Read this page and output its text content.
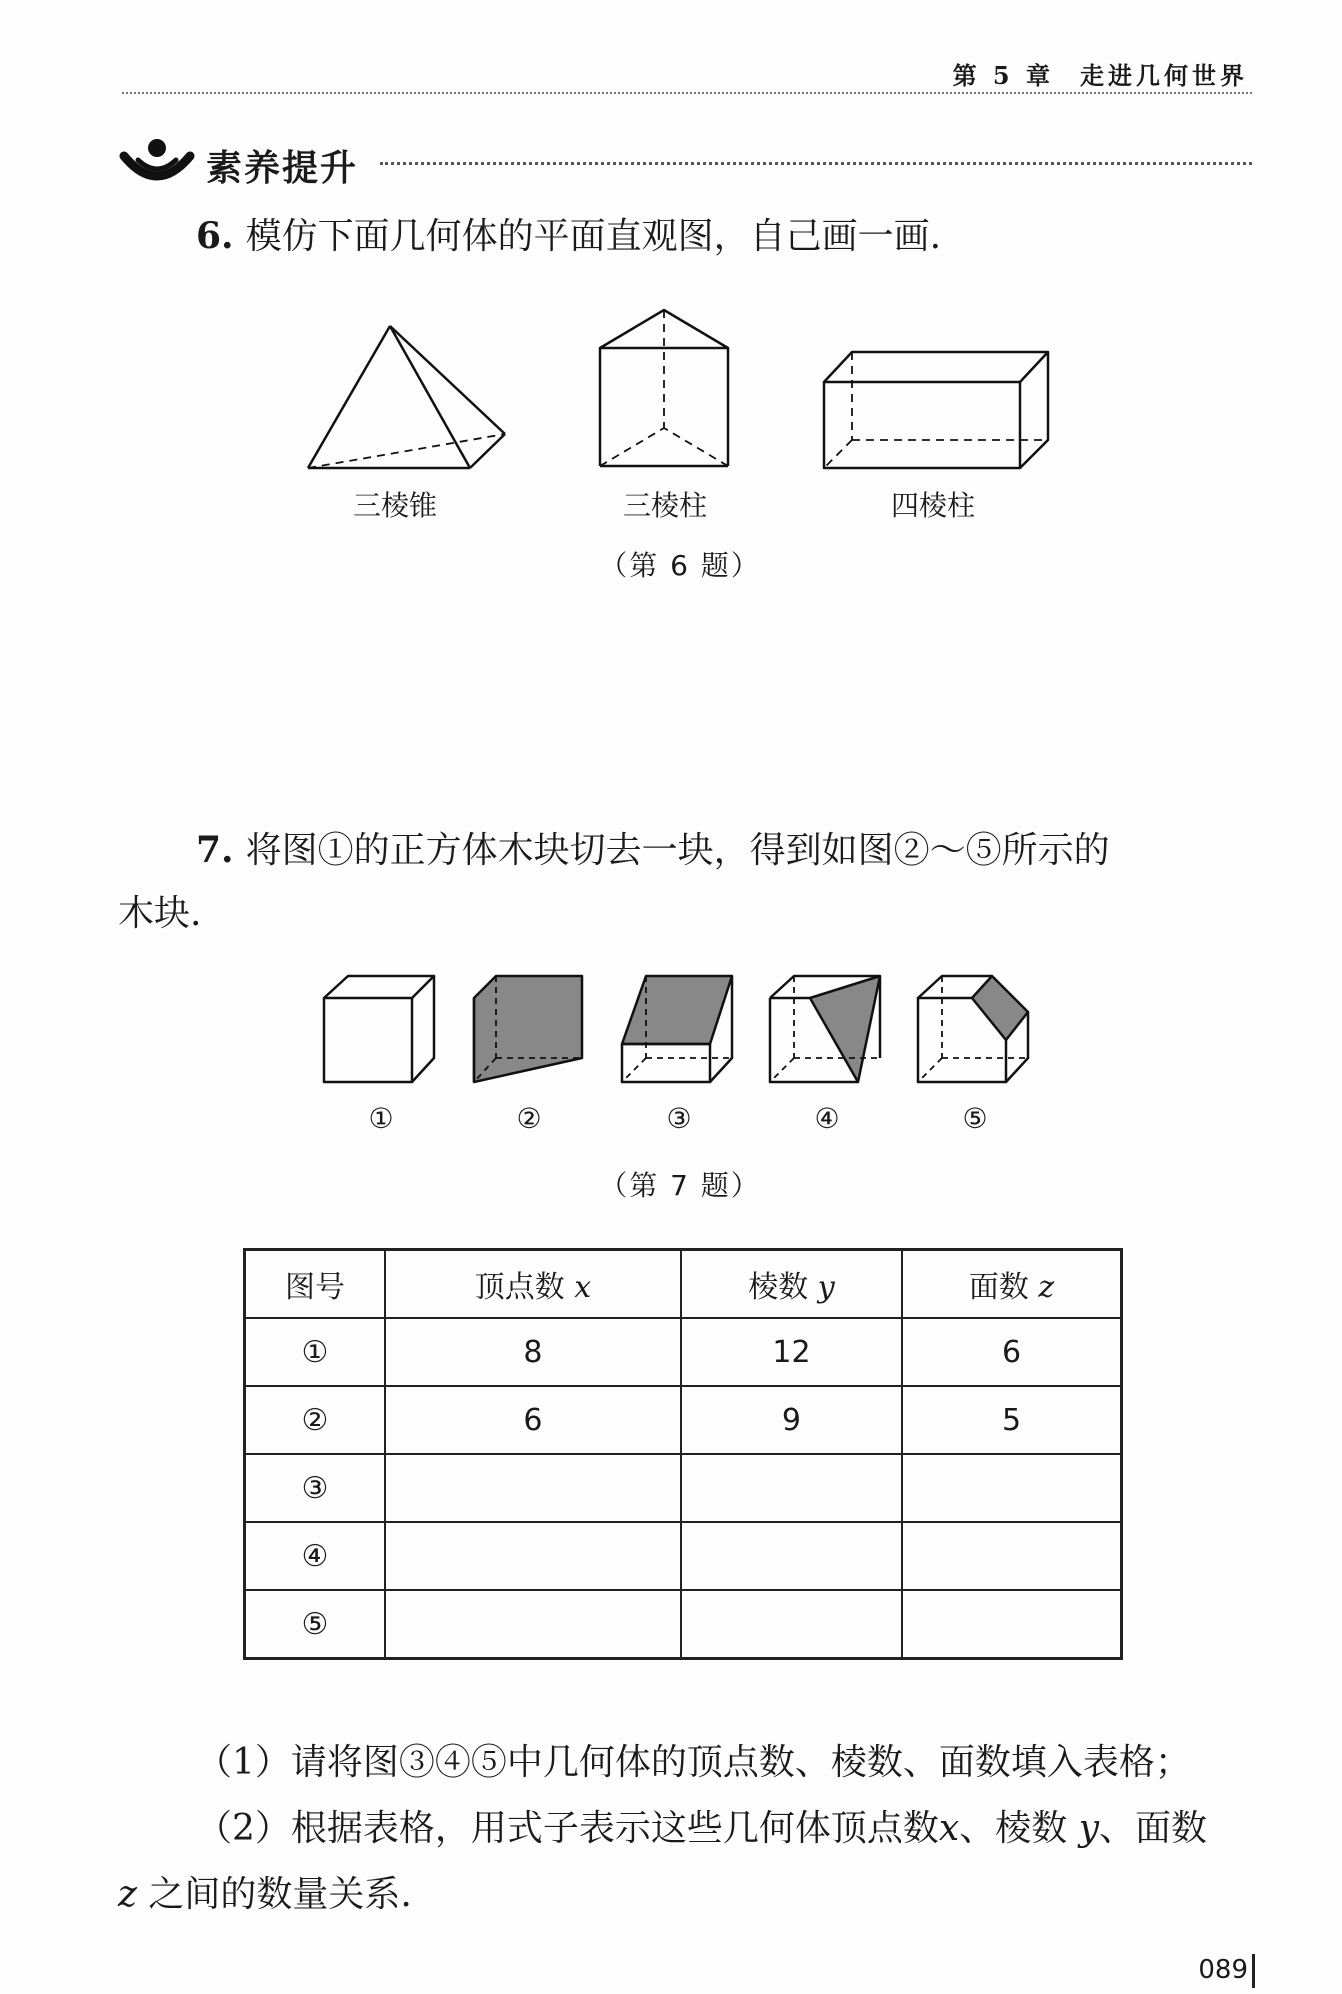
第 5 章 走进几何世界
素养提升
6. 模仿下面几何体的平面直观图，自己画一画.
三棱锥	三棱柱	四棱柱
（第 6 题）
7. 将图①的正方体木块切去一块，得到如图②～⑤所示的
木块.
①	②	③	④	⑤
（第 7 题）
图号	顶点数 x	棱数 y	面数 z
①	8	12	6
②	6	9	5
③			
④			
⑤			
（1）请将图③④⑤中几何体的顶点数、棱数、面数填入表格；
（2）根据表格，用式子表示这些几何体顶点数x、棱数 y、面数
z 之间的数量关系.
089
